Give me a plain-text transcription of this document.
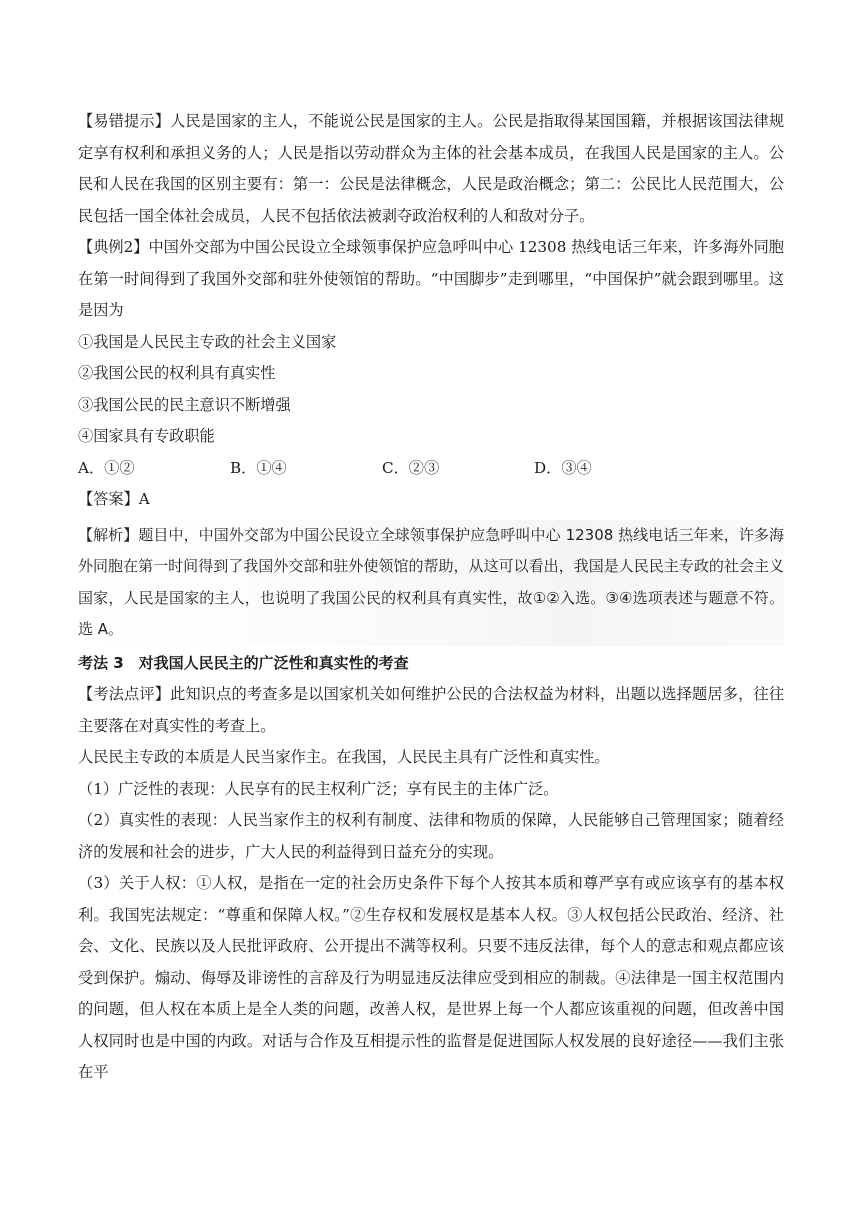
【易错提示】人民是国家的主人，不能说公民是国家的主人。公民是指取得某国国籍，并根据该国法律规定享有权利和承担义务的人；人民是指以劳动群众为主体的社会基本成员，在我国人民是国家的主人。公民和人民在我国的区别主要有：第一：公民是法律概念，人民是政治概念；第二：公民比人民范围大，公民包括一国全体社会成员，人民不包括依法被剥夺政治权利的人和敌对分子。

【典例2】中国外交部为中国公民设立全球领事保护应急呼叫中心 12308 热线电话三年来，许多海外同胞在第一时间得到了我国外交部和驻外使领馆的帮助。“中国脚步”走到哪里，“中国保护”就会跟到哪里。这是因为

①我国是人民民主专政的社会主义国家

②我国公民的权利具有真实性

③我国公民的民主意识不断增强

④国家具有专政职能

A．①②	B．①④	C．②③	D．③④

【答案】A

【解析】题目中，中国外交部为中国公民设立全球领事保护应急呼叫中心 12308 热线电话三年来，许多海外同胞在第一时间得到了我国外交部和驻外使领馆的帮助，从这可以看出，我国是人民民主专政的社会主义国家，人民是国家的主人，也说明了我国公民的权利具有真实性，故①②入选。③④选项表述与题意不符。选 A。

考法 3　对我国人民民主的广泛性和真实性的考查

【考法点评】此知识点的考查多是以国家机关如何维护公民的合法权益为材料，出题以选择题居多，往往主要落在对真实性的考查上。

人民民主专政的本质是人民当家作主。在我国，人民民主具有广泛性和真实性。

（1）广泛性的表现：人民享有的民主权利广泛；享有民主的主体广泛。

（2）真实性的表现：人民当家作主的权利有制度、法律和物质的保障，人民能够自己管理国家；随着经济的发展和社会的进步，广大人民的利益得到日益充分的实现。

（3）关于人权：①人权，是指在一定的社会历史条件下每个人按其本质和尊严享有或应该享有的基本权利。我国宪法规定：“尊重和保障人权。”②生存权和发展权是基本人权。③人权包括公民政治、经济、社会、文化、民族以及人民批评政府、公开提出不满等权利。只要不违反法律，每个人的意志和观点都应该受到保护。煽动、侮辱及诽谤性的言辞及行为明显违反法律应受到相应的制裁。④法律是一国主权范围内的问题，但人权在本质上是全人类的问题，改善人权，是世界上每一个人都应该重视的问题，但改善中国人权同时也是中国的内政。对话与合作及互相提示性的监督是促进国际人权发展的良好途径——我们主张在平
